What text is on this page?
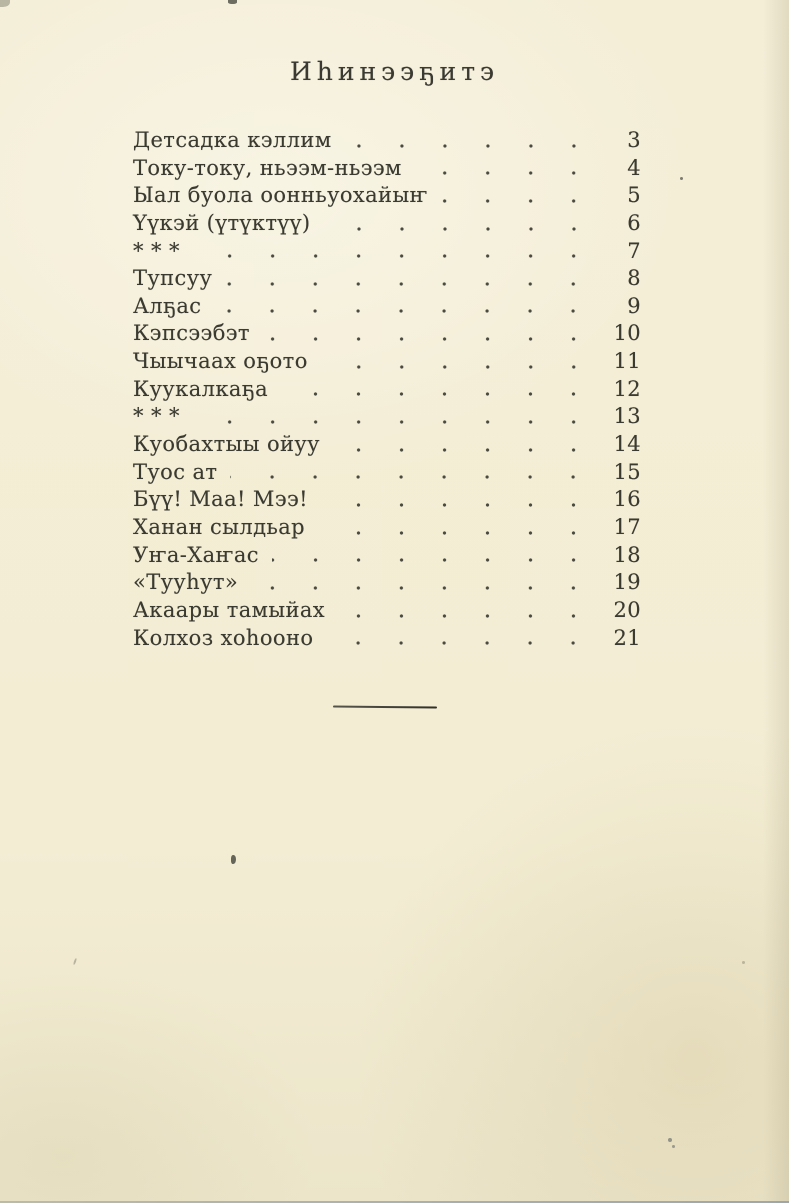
Иһинээҕитэ
Детсадка кэллим	3
Току-току, ньээм-ньээм	4
Ыал буола оонньуохайыҥ	5
Үүкэй (үтүктүү)	6
* * *	7
Тупсуу	8
Алҕас	9
Кэпсээбэт	10
Чыычаах оҕото	11
Куукалкаҕа	12
* * *	13
Куобахтыы ойуу	14
Туос ат	15
Бүү! Маа! Мээ!	16
Ханан сылдьар	17
Уҥа-Хаҥас	18
«Тууһут»	19
Акаары тамыйах	20
Колхоз хоһооно	21
